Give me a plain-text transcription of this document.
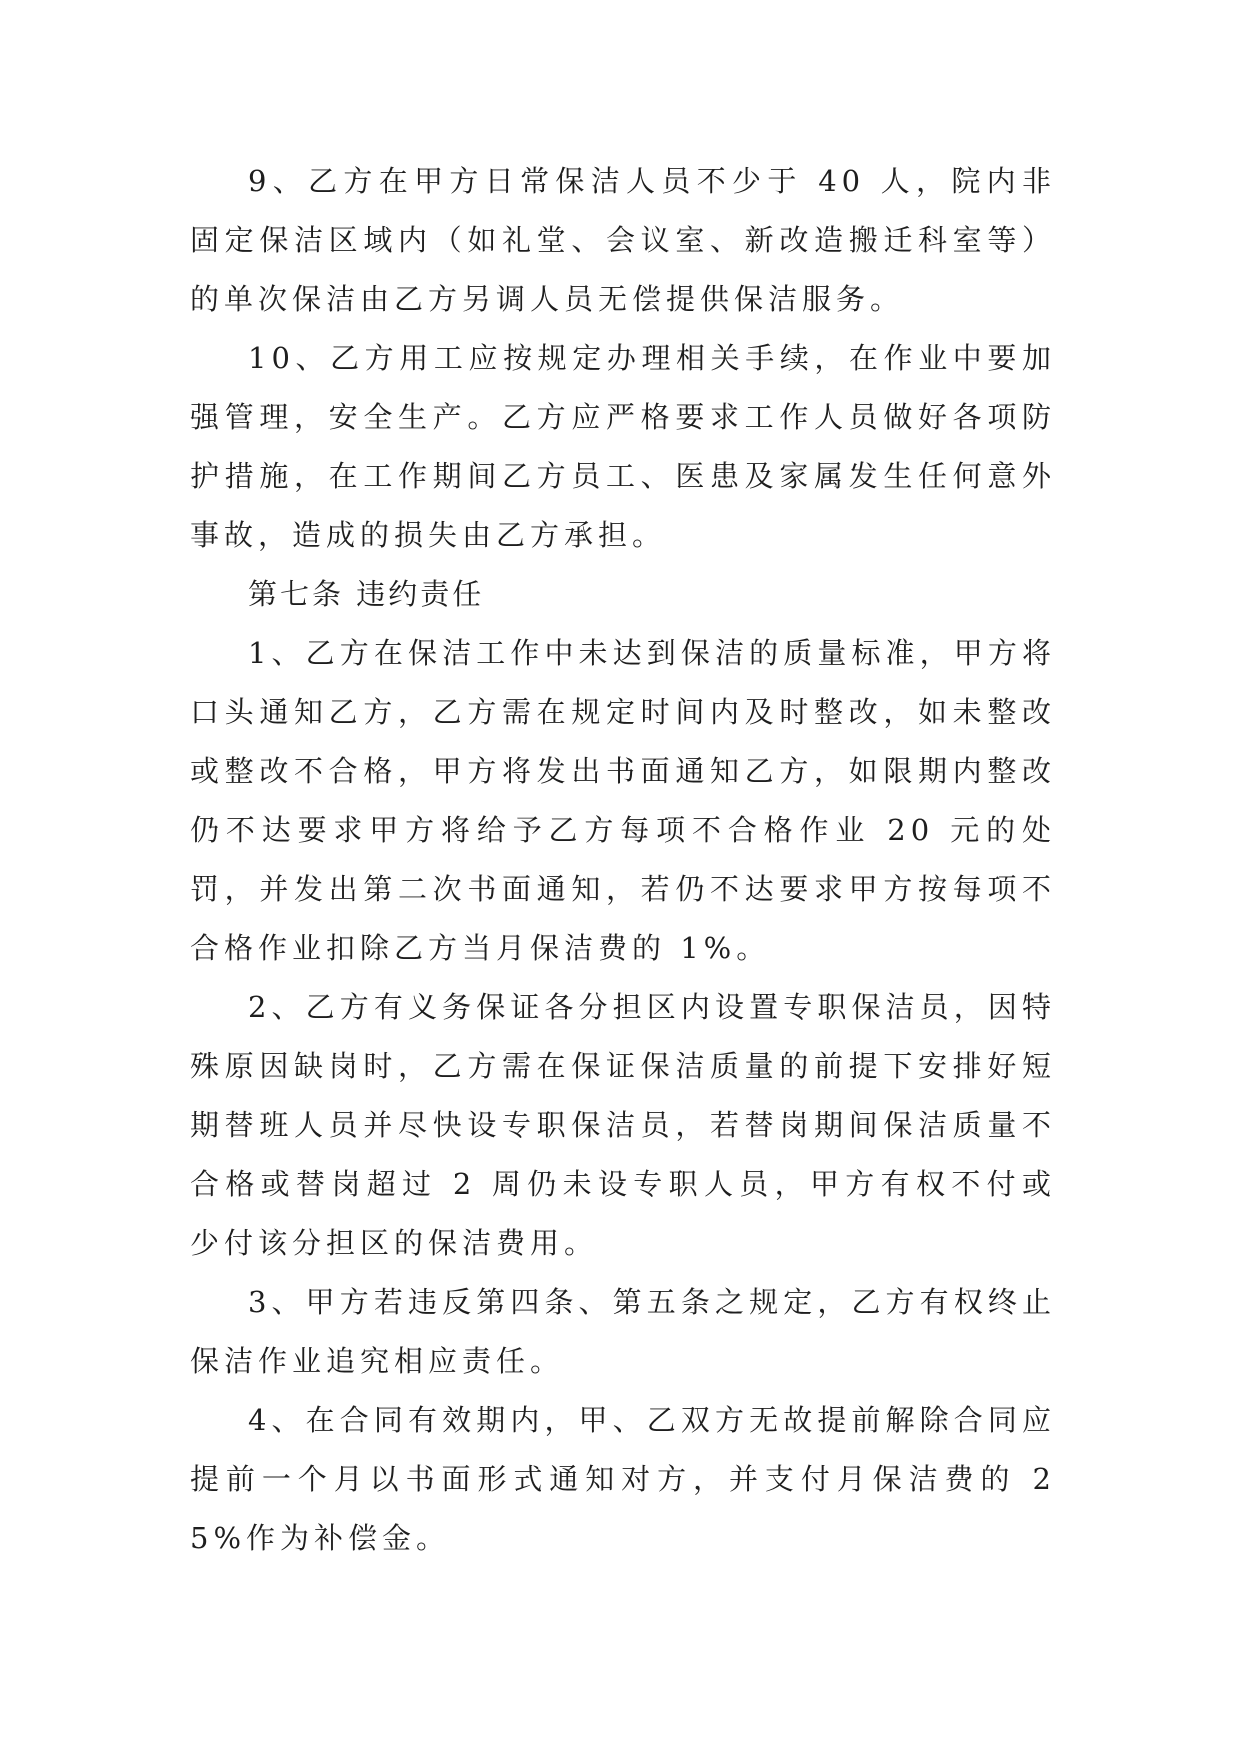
9、乙方在甲方日常保洁人员不少于 40 人，院内非固定保洁区域内（如礼堂、会议室、新改造搬迁科室等）的单次保洁由乙方另调人员无偿提供保洁服务。

10、乙方用工应按规定办理相关手续，在作业中要加强管理，安全生产。乙方应严格要求工作人员做好各项防护措施，在工作期间乙方员工、医患及家属发生任何意外事故，造成的损失由乙方承担。

第七条 违约责任

1、乙方在保洁工作中未达到保洁的质量标准，甲方将口头通知乙方，乙方需在规定时间内及时整改，如未整改或整改不合格，甲方将发出书面通知乙方，如限期内整改仍不达要求甲方将给予乙方每项不合格作业 20 元的处罚，并发出第二次书面通知，若仍不达要求甲方按每项不合格作业扣除乙方当月保洁费的 1%。

2、乙方有义务保证各分担区内设置专职保洁员，因特殊原因缺岗时，乙方需在保证保洁质量的前提下安排好短期替班人员并尽快设专职保洁员，若替岗期间保洁质量不合格或替岗超过 2 周仍未设专职人员，甲方有权不付或少付该分担区的保洁费用。

3、甲方若违反第四条、第五条之规定，乙方有权终止保洁作业追究相应责任。

4、在合同有效期内，甲、乙双方无故提前解除合同应提前一个月以书面形式通知对方，并支付月保洁费的 25%作为补偿金。
